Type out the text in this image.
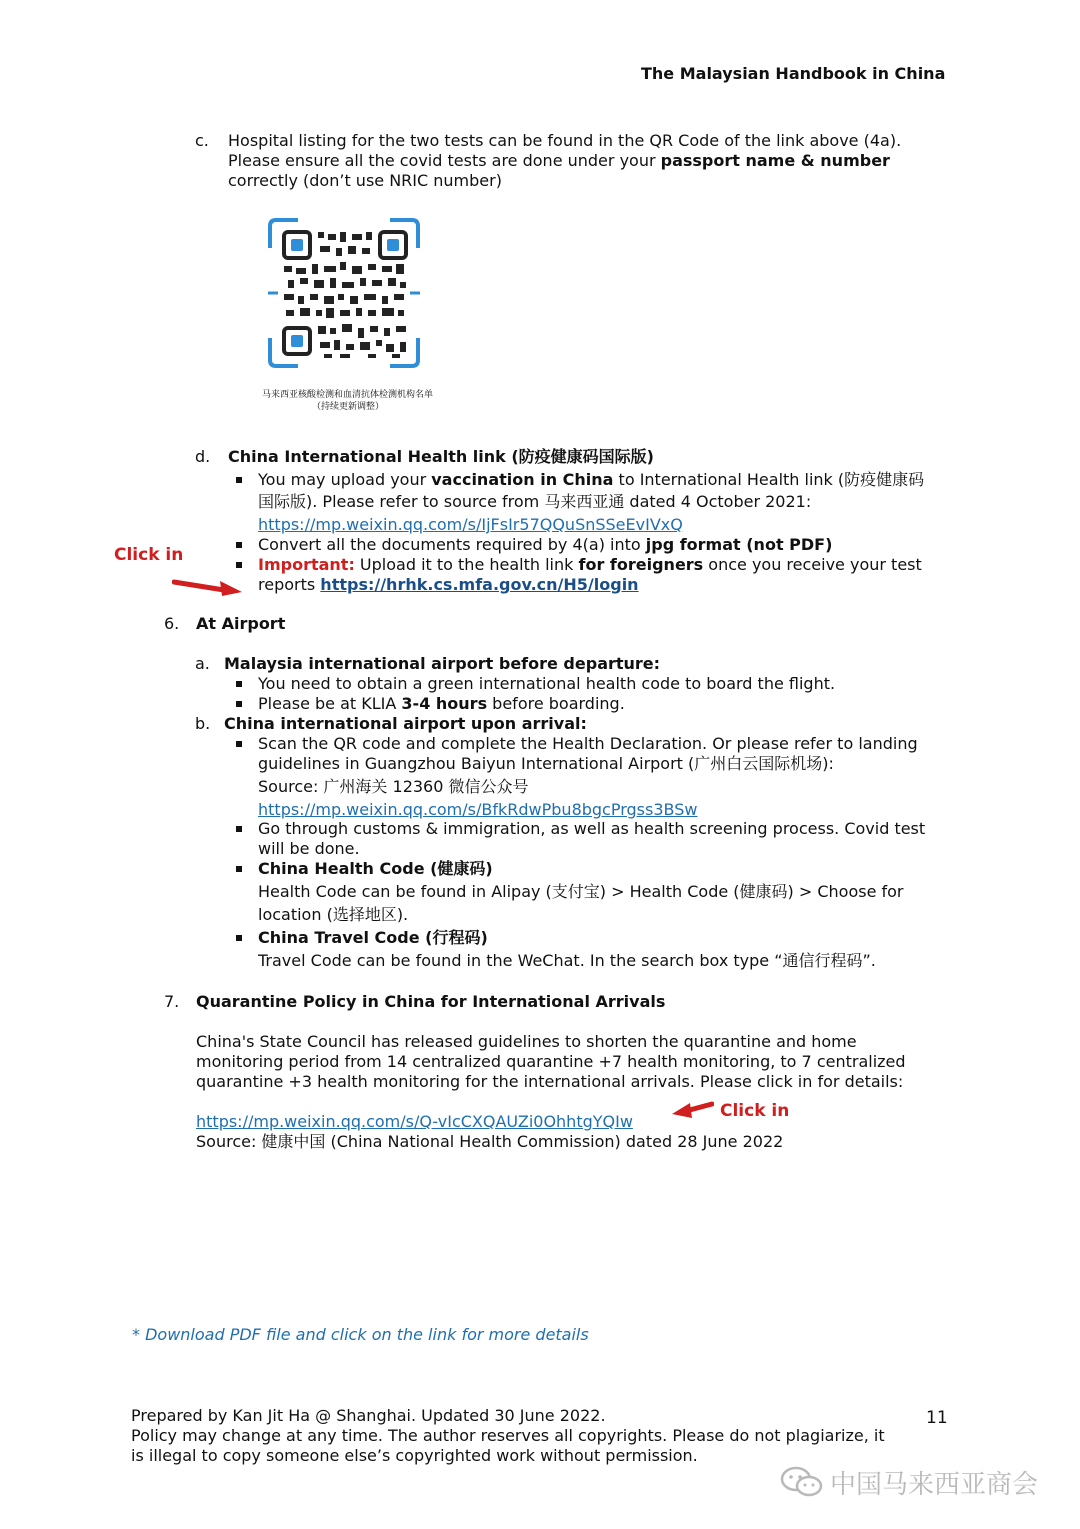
The Malaysian Handbook in China
c. Hospital listing for the two tests can be found in the QR Code of the link above (4a).
Please ensure all the covid tests are done under your passport name & number
correctly (don’t use NRIC number)
马来西亚核酸检测和血清抗体检测机构名单
（持续更新调整）
d. China International Health link (防疫健康码国际版)
You may upload your vaccination in China to International Health link (防疫健康码
国际版). Please refer to source from 马来西亚通 dated 4 October 2021:
https://mp.weixin.qq.com/s/IjFsIr57QQuSnSSeEvIVxQ
Convert all the documents required by 4(a) into jpg format (not PDF)
Important: Upload it to the health link for foreigners once you receive your test
reports https://hrhk.cs.mfa.gov.cn/H5/login
Click in
6. At Airport
a. Malaysia international airport before departure:
You need to obtain a green international health code to board the flight.
Please be at KLIA 3-4 hours before boarding.
b. China international airport upon arrival:
Scan the QR code and complete the Health Declaration. Or please refer to landing
guidelines in Guangzhou Baiyun International Airport (广州白云国际机场):
Source: 广州海关 12360 微信公众号
https://mp.weixin.qq.com/s/BfkRdwPbu8bgcPrgss3BSw
Go through customs & immigration, as well as health screening process. Covid test
will be done.
China Health Code (健康码)
Health Code can be found in Alipay (支付宝) > Health Code (健康码) > Choose for
location (选择地区).
China Travel Code (行程码)
Travel Code can be found in the WeChat. In the search box type “通信行程码”.
7. Quarantine Policy in China for International Arrivals
China's State Council has released guidelines to shorten the quarantine and home
monitoring period from 14 centralized quarantine +7 health monitoring, to 7 centralized
quarantine +3 health monitoring for the international arrivals. Please click in for details:
https://mp.weixin.qq.com/s/Q-vIcCXQAUZi0OhhtgYQIw
Source: 健康中国 (China National Health Commission) dated 28 June 2022
Click in
* Download PDF file and click on the link for more details
Prepared by Kan Jit Ha @ Shanghai. Updated 30 June 2022.
Policy may change at any time. The author reserves all copyrights. Please do not plagiarize, it
is illegal to copy someone else’s copyrighted work without permission.
11
中国马来西亚商会
